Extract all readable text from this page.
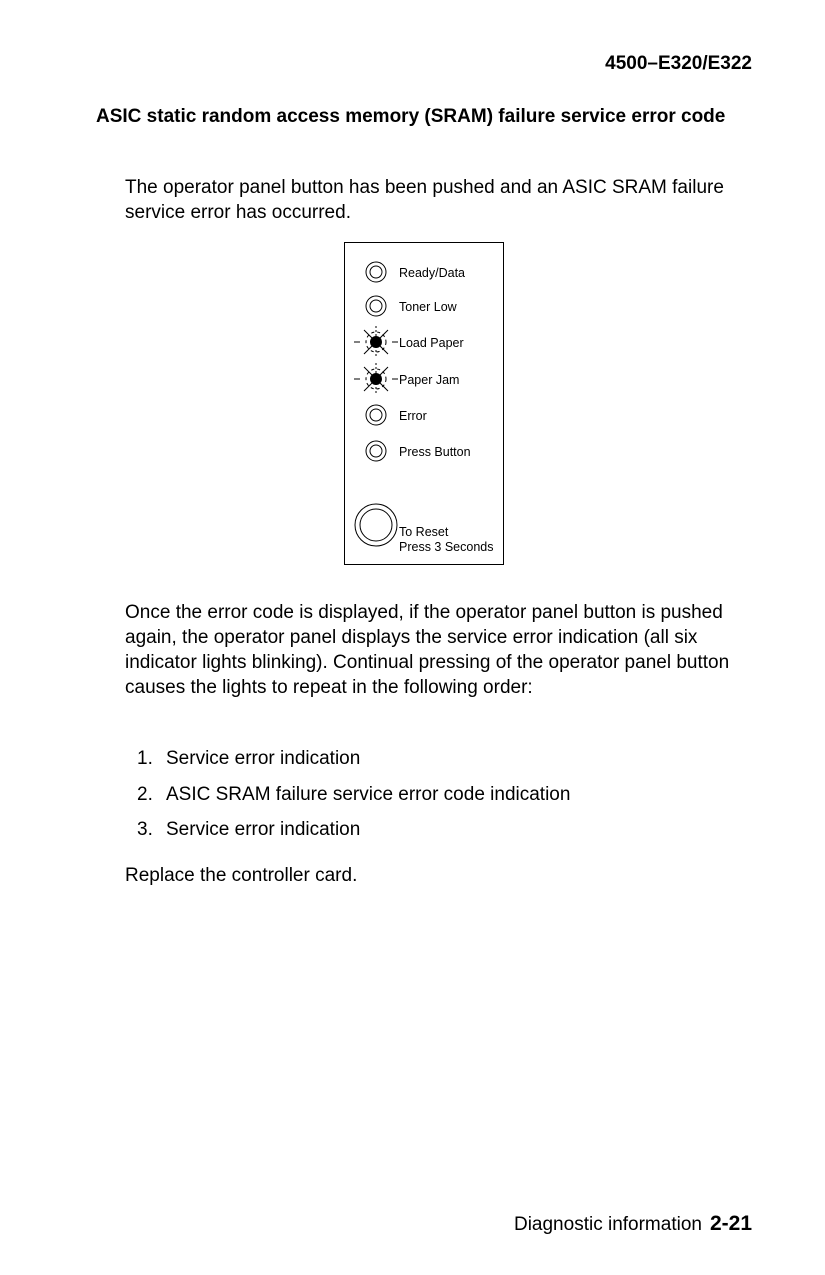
4500–E320/E322
ASIC static random access memory (SRAM) failure service error code
The operator panel button has been pushed and an ASIC SRAM failure service error has occurred.
Ready/Data
Toner Low
Load Paper
Paper Jam
Error
Press Button
To Reset
Press 3 Seconds
Once the error code is displayed, if the operator panel button is pushed again, the operator panel displays the service error indication (all six indicator lights blinking). Continual pressing of the operator panel button causes the lights to repeat in the following order:
1. Service error indication
2. ASIC SRAM failure service error code indication
3. Service error indication
Replace the controller card.
Diagnostic information 2-21
